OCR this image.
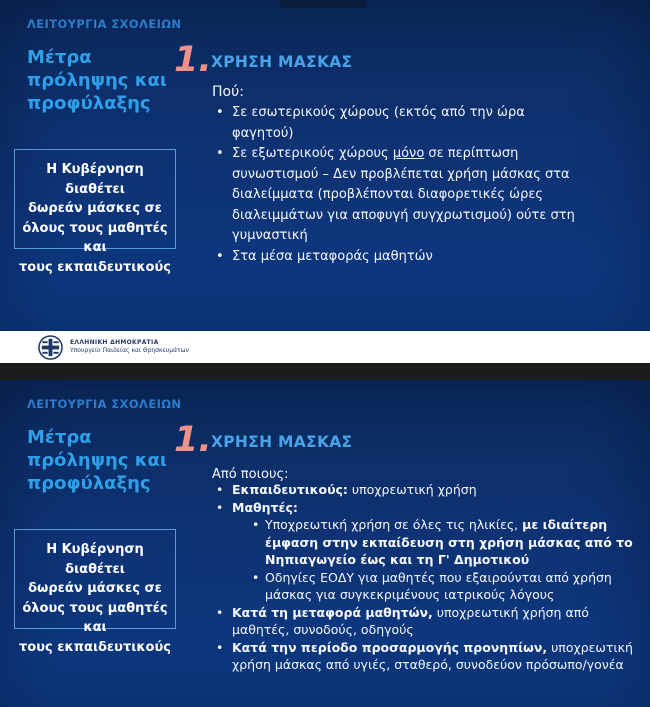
ΛΕΙΤΟΥΡΓΙΑ ΣΧΟΛΕΙΩΝ
Μέτρα
πρόληψης και
προφύλαξης
Η Κυβέρνηση διαθέτει
δωρεάν μάσκες σε
όλους τους μαθητές και
τους εκπαιδευτικούς
1. ΧΡΗΣΗ ΜΑΣΚΑΣ
Πού:
• Σε εσωτερικούς χώρους (εκτός από την ώρα φαγητού)
• Σε εξωτερικούς χώρους μόνο σε περίπτωση συνωστισμού – Δεν προβλέπεται χρήση μάσκας στα διαλείμματα (προβλέπονται διαφορετικές ώρες διαλειμμάτων για αποφυγή συγχρωτισμού) ούτε στη γυμναστική
• Στα μέσα μεταφοράς μαθητών
ΕΛΛΗΝΙΚΗ ΔΗΜΟΚΡΑΤΙΑ
Υπουργείο Παιδείας και Θρησκευμάτων
ΛΕΙΤΟΥΡΓΙΑ ΣΧΟΛΕΙΩΝ
Μέτρα
πρόληψης και
προφύλαξης
Η Κυβέρνηση διαθέτει
δωρεάν μάσκες σε
όλους τους μαθητές και
τους εκπαιδευτικούς
1. ΧΡΗΣΗ ΜΑΣΚΑΣ
Από ποιους:
• Εκπαιδευτικούς: υποχρεωτική χρήση
• Μαθητές:
• Υποχρεωτική χρήση σε όλες τις ηλικίες, με ιδιαίτερη έμφαση στην εκπαίδευση στη χρήση μάσκας από το Νηπιαγωγείο έως και τη Γ' Δημοτικού
• Οδηγίες ΕΟΔΥ για μαθητές που εξαιρούνται από χρήση μάσκας για συγκεκριμένους ιατρικούς λόγους
• Κατά τη μεταφορά μαθητών, υποχρεωτική χρήση από μαθητές, συνοδούς, οδηγούς
• Κατά την περίοδο προσαρμογής προνηπίων, υποχρεωτική χρήση μάσκας από υγιές, σταθερό, συνοδεύον πρόσωπο/γονέα
